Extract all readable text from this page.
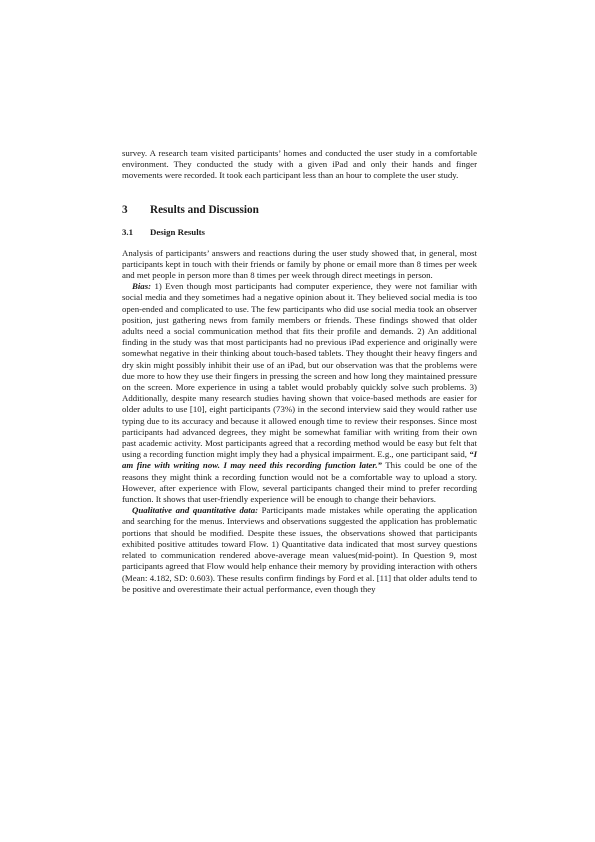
survey. A research team visited participants’ homes and conducted the user study in a comfortable environment. They conducted the study with a given iPad and only their hands and finger movements were recorded. It took each participant less than an hour to complete the user study.

3	Results and Discussion
3.1	Design Results

Analysis of participants’ answers and reactions during the user study showed that, in general, most participants kept in touch with their friends or family by phone or email more than 8 times per week and met people in person more than 8 times per week through direct meetings in person.

Bias: 1) Even though most participants had computer experience, they were not familiar with social media and they sometimes had a negative opinion about it. They believed social media is too open-ended and complicated to use. The few participants who did use social media took an observer position, just gathering news from family members or friends. These findings showed that older adults need a social communication method that fits their profile and demands. 2) An additional finding in the study was that most participants had no previous iPad experience and originally were somewhat negative in their thinking about touch-based tablets. They thought their heavy fingers and dry skin might possibly inhibit their use of an iPad, but our observation was that the problems were due more to how they use their fingers in pressing the screen and how long they maintained pressure on the screen. More experience in using a tablet would probably quickly solve such problems. 3) Additionally, despite many research studies having shown that voice-based methods are easier for older adults to use [10], eight participants (73%) in the second interview said they would rather use typing due to its accuracy and because it allowed enough time to review their responses. Since most participants had advanced degrees, they might be somewhat familiar with writing from their own past academic activity. Most participants agreed that a recording method would be easy but felt that using a recording function might imply they had a physical impairment. E.g., one participant said, “I am fine with writing now. I may need this recording function later.” This could be one of the reasons they might think a recording function would not be a comfortable way to upload a story. However, after experience with Flow, several participants changed their mind to prefer recording function. It shows that user-friendly experience will be enough to change their behaviors.

Qualitative and quantitative data: Participants made mistakes while operating the application and searching for the menus. Interviews and observations suggested the application has problematic portions that should be modified. Despite these issues, the observations showed that participants exhibited positive attitudes toward Flow. 1) Quantitative data indicated that most survey questions related to communication rendered above-average mean values(mid-point). In Question 9, most participants agreed that Flow would help enhance their memory by providing interaction with others (Mean: 4.182, SD: 0.603). These results confirm findings by Ford et al. [11] that older adults tend to be positive and overestimate their actual performance, even though they
